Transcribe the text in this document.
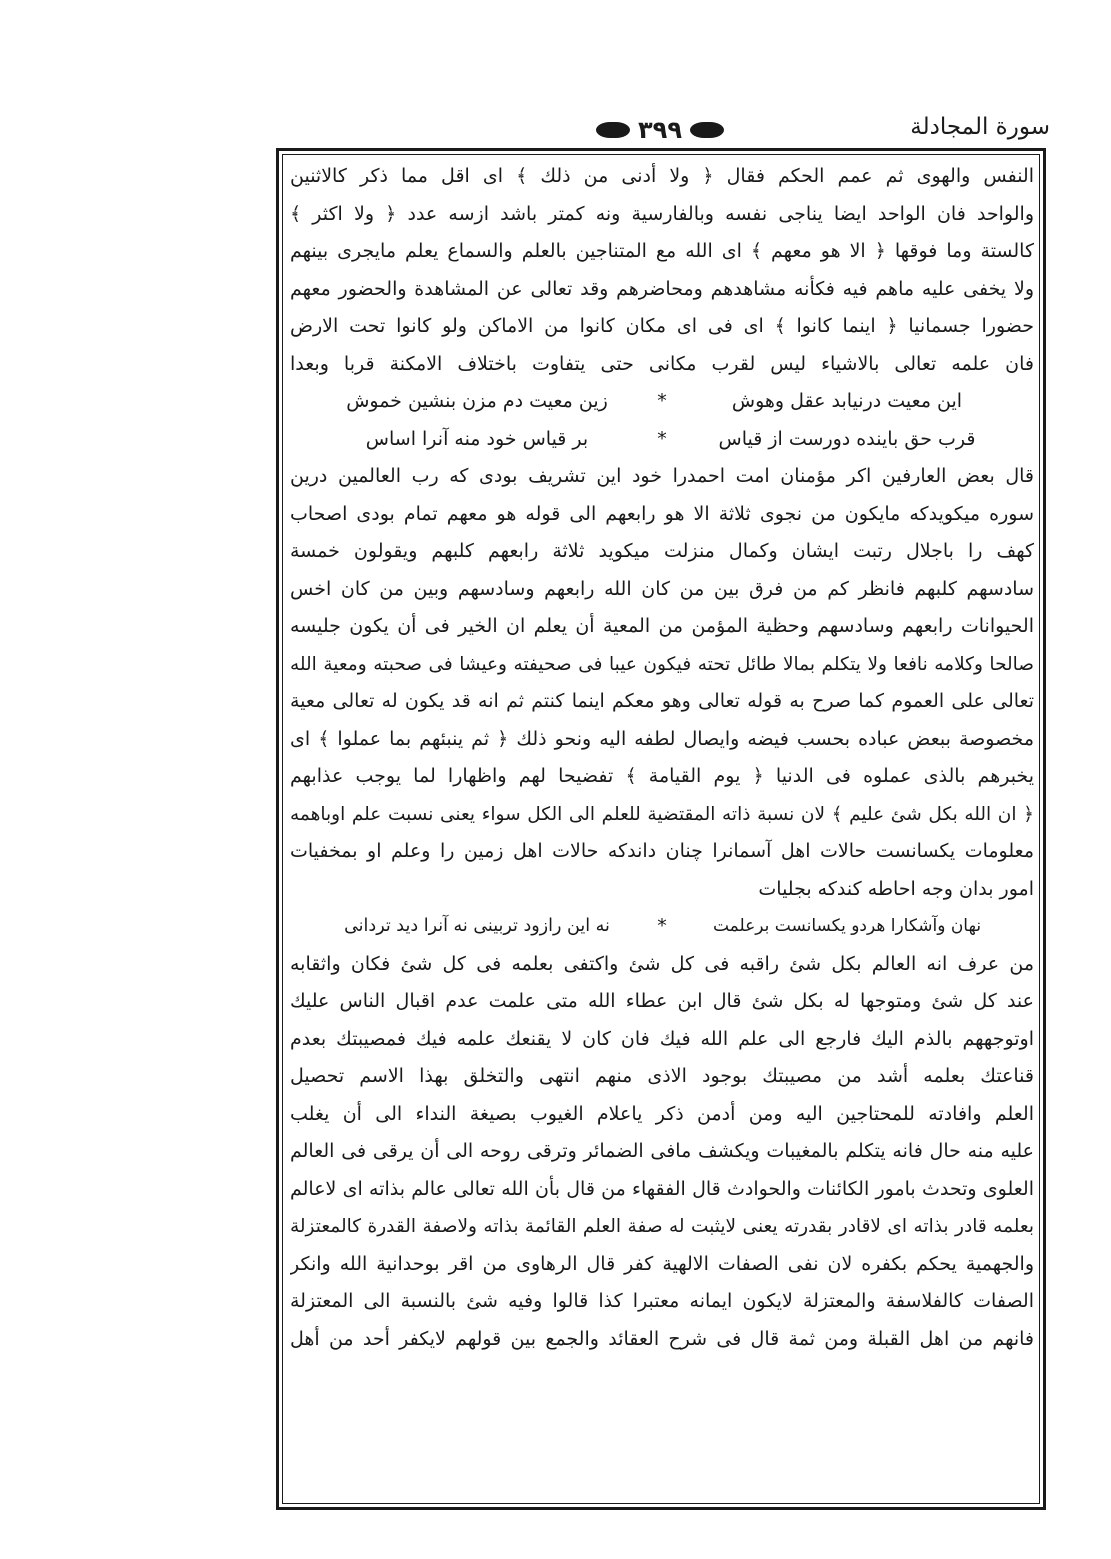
سورة المجادلة
٣٩٩
النفس والهوى ثم عمم الحكم فقال ﴿ ولا أدنى من ذلك ﴾ اى اقل مما ذكر كالاثنين
والواحد فان الواحد ايضا يناجى نفسه وبالفارسية ونه كمتر باشد ازسه عدد ﴿ ولا اكثر ﴾
كالستة وما فوقها ﴿ الا هو معهم ﴾ اى الله مع المتناجين بالعلم والسماع يعلم مايجرى بينهم
ولا يخفى عليه ماهم فيه فكأنه مشاهدهم ومحاضرهم وقد تعالى عن المشاهدة والحضور معهم
حضورا جسمانيا ﴿ اينما كانوا ﴾ اى فى اى مكان كانوا من الاماكن ولو كانوا تحت الارض
فان علمه تعالى بالاشياء ليس لقرب مكانى حتى يتفاوت باختلاف الامكنة قربا وبعدا
اين معيت درنيابد عقل وهوش
*
زين معيت دم مزن بنشين خموش
قرب حق باينده دورست از قياس
*
بر قياس خود منه آنرا اساس
قال بعض العارفين اكر مؤمنان امت احمدرا خود اين تشريف بودى كه رب العالمين درين
سوره ميكويدكه مايكون من نجوى ثلاثة الا هو رابعهم الى قوله هو معهم تمام بودى اصحاب
كهف را باجلال رتبت ايشان وكمال منزلت ميكويد ثلاثة رابعهم كلبهم ويقولون خمسة
سادسهم كلبهم فانظر كم من فرق بين من كان الله رابعهم وسادسهم وبين من كان اخس
الحيوانات رابعهم وسادسهم وحظية المؤمن من المعية أن يعلم ان الخير فى أن يكون جليسه
صالحا وكلامه نافعا ولا يتكلم بمالا طائل تحته فيكون عيبا فى صحيفته وعيشا فى صحبته ومعية الله
تعالى على العموم كما صرح به قوله تعالى وهو معكم اينما كنتم ثم انه قد يكون له تعالى معية
مخصوصة ببعض عباده بحسب فيضه وايصال لطفه اليه ونحو ذلك ﴿ ثم ينبئهم بما عملوا ﴾ اى
يخبرهم بالذى عملوه فى الدنيا ﴿ يوم القيامة ﴾ تفضيحا لهم واظهارا لما يوجب عذابهم
﴿ ان الله بكل شئ عليم ﴾ لان نسبة ذاته المقتضية للعلم الى الكل سواء يعنى نسبت علم اوباهمه
معلومات يكسانست حالات اهل آسمانرا چنان داندكه حالات اهل زمين را وعلم او بمخفيات
امور بدان وجه احاطه كندكه بجليات
نهان وآشكارا هردو يكسانست برعلمت
*
نه اين رازود تربينى نه آنرا ديد تردانى
من عرف انه العالم بكل شئ راقبه فى كل شئ واكتفى بعلمه فى كل شئ فكان واثقابه
عند كل شئ ومتوجها له بكل شئ قال ابن عطاء الله متى علمت عدم اقبال الناس عليك
اوتوجههم بالذم اليك فارجع الى علم الله فيك فان كان لا يقنعك علمه فيك فمصيبتك بعدم
قناعتك بعلمه أشد من مصيبتك بوجود الاذى منهم انتهى والتخلق بهذا الاسم تحصيل
العلم وافادته للمحتاجين اليه ومن أدمن ذكر ياعلام الغيوب بصيغة النداء الى أن يغلب
عليه منه حال فانه يتكلم بالمغيبات ويكشف مافى الضمائر وترقى روحه الى أن يرقى فى العالم
العلوى وتحدث بامور الكائنات والحوادث قال الفقهاء من قال بأن الله تعالى عالم بذاته اى لاعالم
بعلمه قادر بذاته اى لاقادر بقدرته يعنى لايثبت له صفة العلم القائمة بذاته ولاصفة القدرة كالمعتزلة
والجهمية يحكم بكفره لان نفى الصفات الالهية كفر قال الرهاوى من اقر بوحدانية الله وانكر
الصفات كالفلاسفة والمعتزلة لايكون ايمانه معتبرا كذا قالوا وفيه شئ بالنسبة الى المعتزلة
فانهم من اهل القبلة ومن ثمة قال فى شرح العقائد والجمع بين قولهم لايكفر أحد من أهل
